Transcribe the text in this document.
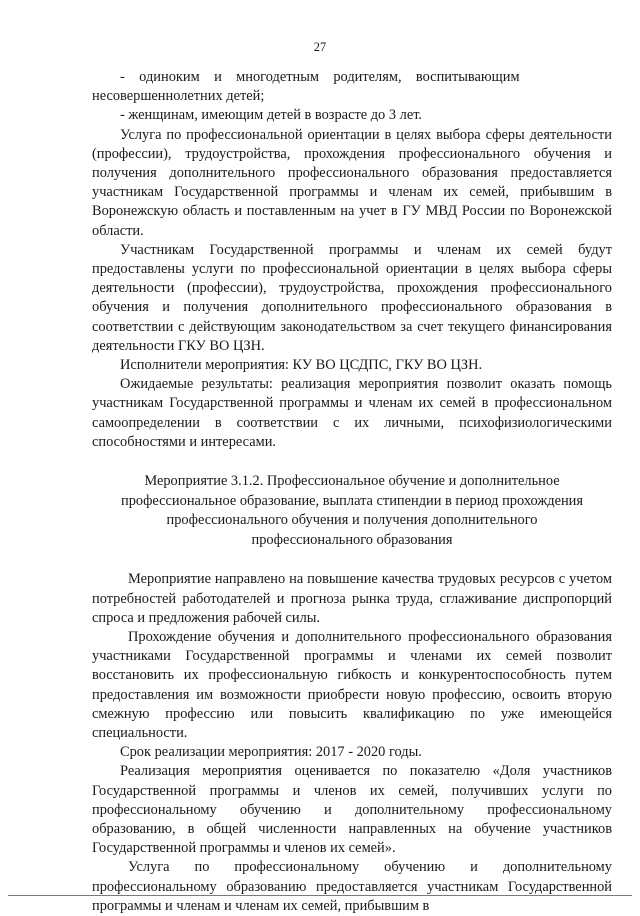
27

- одиноким и многодетным родителям, воспитывающим несовершеннолетних детей;

- женщинам, имеющим детей в возрасте до 3 лет.

Услуга по профессиональной ориентации в целях выбора сферы деятельности (профессии), трудоустройства, прохождения профессионального обучения и получения дополнительного профессионального образования предоставляется участникам Государственной программы и членам их семей, прибывшим в Воронежскую область и поставленным на учет в ГУ МВД России по Воронежской области.

Участникам Государственной программы и членам их семей будут предоставлены услуги по профессиональной ориентации в целях выбора сферы деятельности (профессии), трудоустройства, прохождения профессионального обучения и получения дополнительного профессионального образования в соответствии с действующим законодательством за счет текущего финансирования деятельности ГКУ ВО ЦЗН.

Исполнители мероприятия: КУ ВО ЦСДПС, ГКУ ВО ЦЗН.

Ожидаемые результаты: реализация мероприятия позволит оказать помощь участникам Государственной программы и членам их семей в профессиональном самоопределении в соответствии с их личными, психофизиологическими способностями и интересами.

Мероприятие 3.1.2. Профессиональное обучение и дополнительное профессиональное образование, выплата стипендии в период прохождения профессионального обучения и получения дополнительного профессионального образования

Мероприятие направлено на повышение качества трудовых ресурсов с учетом потребностей работодателей и прогноза рынка труда, сглаживание диспропорций спроса и предложения рабочей силы.

Прохождение обучения и дополнительного профессионального образования участниками Государственной программы и членами их семей позволит восстановить их профессиональную гибкость и конкурентоспособность путем предоставления им возможности приобрести новую профессию, освоить вторую смежную профессию или повысить квалификацию по уже имеющейся специальности.

Срок реализации мероприятия: 2017 - 2020 годы.

Реализация мероприятия оценивается по показателю «Доля участников Государственной программы и членов их семей, получивших услуги по профессиональному обучению и дополнительному профессиональному образованию, в общей численности направленных на обучение участников Государственной программы и членов их семей».

Услуга по профессиональному обучению и дополнительному профессиональному образованию предоставляется участникам Государственной программы и членам и членам их семей, прибывшим в
